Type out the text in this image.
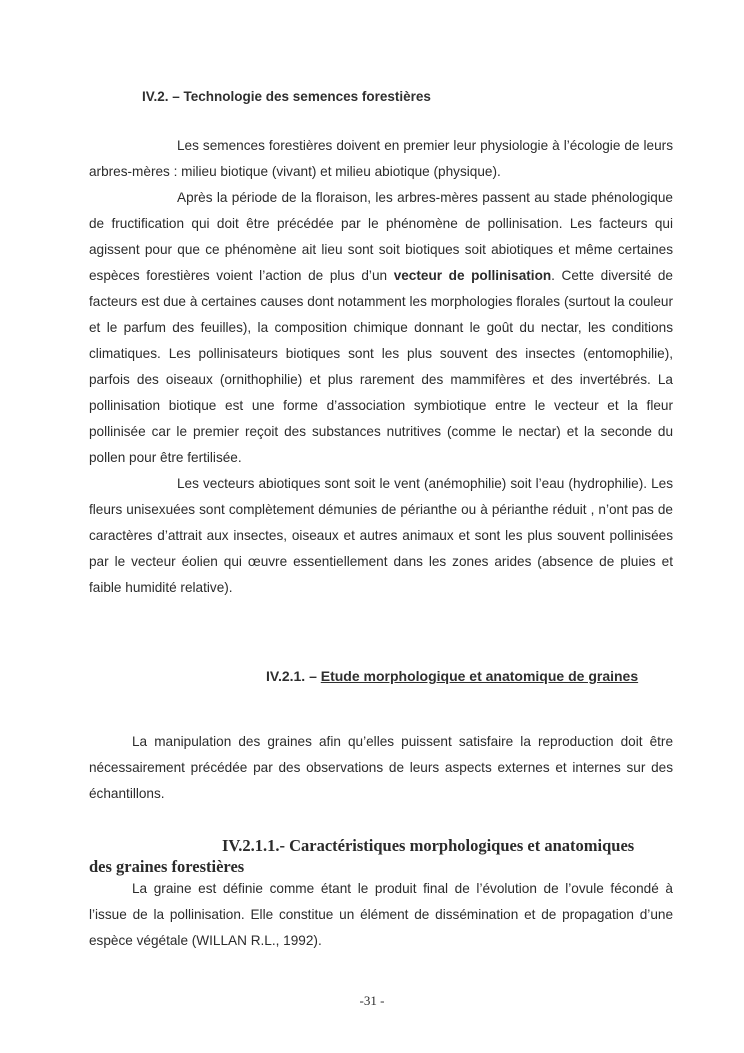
IV.2. – Technologie des semences forestières

Les semences forestières doivent en premier leur physiologie à l’écologie de leurs arbres-mères : milieu biotique (vivant) et milieu abiotique (physique).

Après la période de la floraison, les arbres-mères passent au stade phénologique de fructification qui doit être précédée par le phénomène de pollinisation. Les facteurs qui agissent pour que ce phénomène ait lieu sont soit biotiques soit abiotiques et même certaines espèces forestières voient l’action de plus d’un vecteur de pollinisation. Cette diversité de facteurs est due à certaines causes dont notamment les morphologies florales (surtout la couleur et le parfum des feuilles), la composition chimique donnant le goût du nectar, les conditions climatiques. Les pollinisateurs biotiques sont les plus souvent des insectes (entomophilie), parfois des oiseaux (ornithophilie) et plus rarement des mammifères et des invertébrés. La pollinisation biotique est une forme d’association symbiotique entre le vecteur et la fleur pollinisée car le premier reçoit des substances nutritives (comme le nectar) et la seconde du pollen pour être fertilisée.

Les vecteurs abiotiques sont soit le vent (anémophilie) soit l’eau (hydrophilie). Les fleurs unisexuées sont complètement démunies de périanthe ou à périanthe réduit , n’ont pas de caractères d’attrait aux insectes, oiseaux et autres animaux et sont les plus souvent pollinisées par le vecteur éolien qui œuvre essentiellement dans les zones arides (absence de pluies et faible humidité relative).

IV.2.1. – Etude morphologique et anatomique de graines

La manipulation des graines afin qu’elles puissent satisfaire la reproduction doit être nécessairement précédée par des observations de leurs aspects externes et internes sur des échantillons.

IV.2.1.1.- Caractéristiques morphologiques et anatomiques
des graines forestières

La graine est définie comme étant le produit final de l’évolution de l’ovule fécondé à l’issue de la pollinisation. Elle constitue un élément de dissémination et de propagation d’une espèce végétale (WILLAN R.L., 1992).

-31 -
